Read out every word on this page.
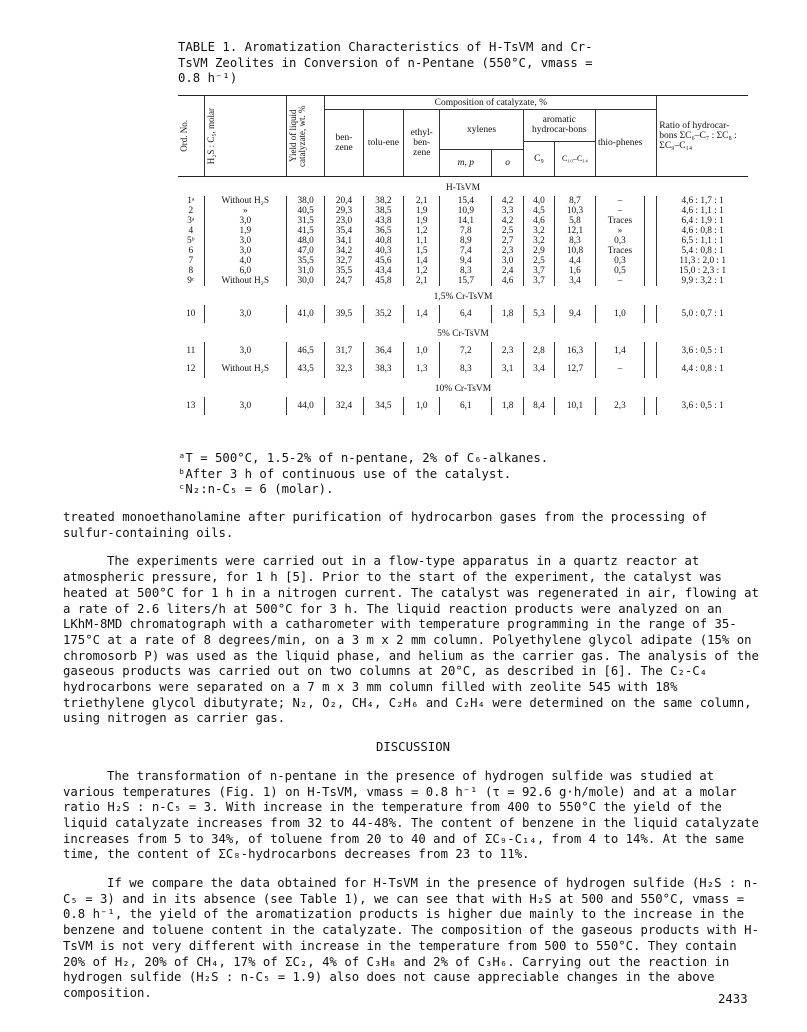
TABLE 1. Aromatization Characteristics of H-TsVM and Cr-TsVM Zeolites in Conversion of n-Pentane (550°C, vmass = 0.8 h⁻¹)
Ord. No.	H₂S : C₅, molar	Yield of liquid catalyzate, wt. %	Composition of catalyzate, %									Ratio of hydrocar-bons ΣC₆–C₇ : ΣC₈ : ΣC₉–C₁₄
			ben-zene	tolu-ene	ethyl-ben-zene	xylenes		aromatic hydrocar-bons		thio-phenes		
								C₉	C₁₀–C₁₄			
						m, p	o					
H-TsVM												
1ᵃ	Without H₂S	38,0	20,4	38,2	2,1	15,4	4,2	4,0	8,7	–		4,6 : 1,7 : 1
2	»	40,5	29,3	38,5	1,9	10,9	3,3	4,5	10,3	–		4,6 : 1,1 : 1
3ᵃ	3,0	31,5	23,0	43,8	1,9	14,1	4,2	4,6	5,8	Traces		6,4 : 1,9 : 1
4	1,9	41,5	35,4	36,5	1,2	7,8	2,5	3,2	12,1	»		4,6 : 0,8 : 1
5ᵇ	3,0	48,0	34,1	40,8	1,1	8,9	2,7	3,2	8,3	0,3		6,5 : 1,1 : 1
6	3,0	47,0	34,2	40,3	1,5	7,4	2,3	2,9	10,8	Traces		5,4 : 0,8 : 1
7	4,0	35,5	32,7	45,6	1,4	9,4	3,0	2,5	4,4	0,3		11,3 : 2,0 : 1
8	6,0	31,0	35,5	43,4	1,2	8,3	2,4	3,7	1,6	0,5		15,0 : 2,3 : 1
9ᶜ	Without H₂S	30,0	24,7	45,8	2,1	15,7	4,6	3,7	3,4	–		9,9 : 3,2 : 1
1,5% Cr-TsVM												
10	3,0	41,0	39,5	35,2	1,4	6,4	1,8	5,3	9,4	1,0		5,0 : 0,7 : 1
5% Cr-TsVM												
11	3,0	46,5	31,7	36,4	1,0	7,2	2,3	2,8	16,3	1,4		3,6 : 0,5 : 1
12	Without H₂S	43,5	32,3	38,3	1,3	8,3	3,1	3,4	12,7	–		4,4 : 0,8 : 1
10% Cr-TsVM												
13	3,0	44,0	32,4	34,5	1,0	6,1	1,8	8,4	10,1	2,3		3,6 : 0,5 : 1
ᵃT = 500°C, 1.5-2% of n-pentane, 2% of C₆-alkanes.
ᵇAfter 3 h of continuous use of the catalyst.
ᶜN₂:n-C₅ = 6 (molar).

treated monoethanolamine after purification of hydrocarbon gases from the processing of sulfur-containing oils.

The experiments were carried out in a flow-type apparatus in a quartz reactor at atmospheric pressure, for 1 h [5]. Prior to the start of the experiment, the catalyst was heated at 500°C for 1 h in a nitrogen current. The catalyst was regenerated in air, flowing at a rate of 2.6 liters/h at 500°C for 3 h. The liquid reaction products were analyzed on an LKhM-8MD chromatograph with a catharometer with temperature programming in the range of 35-175°C at a rate of 8 degrees/min, on a 3 m x 2 mm column. Polyethylene glycol adipate (15% on chromosorb P) was used as the liquid phase, and helium as the carrier gas. The analysis of the gaseous products was carried out on two columns at 20°C, as described in [6]. The C₂-C₄ hydrocarbons were separated on a 7 m x 3 mm column filled with zeolite 545 with 18% triethylene glycol dibutyrate; N₂, O₂, CH₄, C₂H₆ and C₂H₄ were determined on the same column, using nitrogen as carrier gas.

DISCUSSION

The transformation of n-pentane in the presence of hydrogen sulfide was studied at various temperatures (Fig. 1) on H-TsVM, vmass = 0.8 h⁻¹ (τ = 92.6 g·h/mole) and at a molar ratio H₂S : n-C₅ = 3. With increase in the temperature from 400 to 550°C the yield of the liquid catalyzate increases from 32 to 44-48%. The content of benzene in the liquid catalyzate increases from 5 to 34%, of toluene from 20 to 40 and of ΣC₉-C₁₄, from 4 to 14%. At the same time, the content of ΣC₈-hydrocarbons decreases from 23 to 11%.

If we compare the data obtained for H-TsVM in the presence of hydrogen sulfide (H₂S : n-C₅ = 3) and in its absence (see Table 1), we can see that with H₂S at 500 and 550°C, vmass = 0.8 h⁻¹, the yield of the aromatization products is higher due mainly to the increase in the benzene and toluene content in the catalyzate. The composition of the gaseous products with H-TsVM is not very different with increase in the temperature from 500 to 550°C. They contain 20% of H₂, 20% of CH₄, 17% of ΣC₂, 4% of C₃H₈ and 2% of C₃H₆. Carrying out the reaction in hydrogen sulfide (H₂S : n-C₅ = 1.9) also does not cause appreciable changes in the above composition.	2433
